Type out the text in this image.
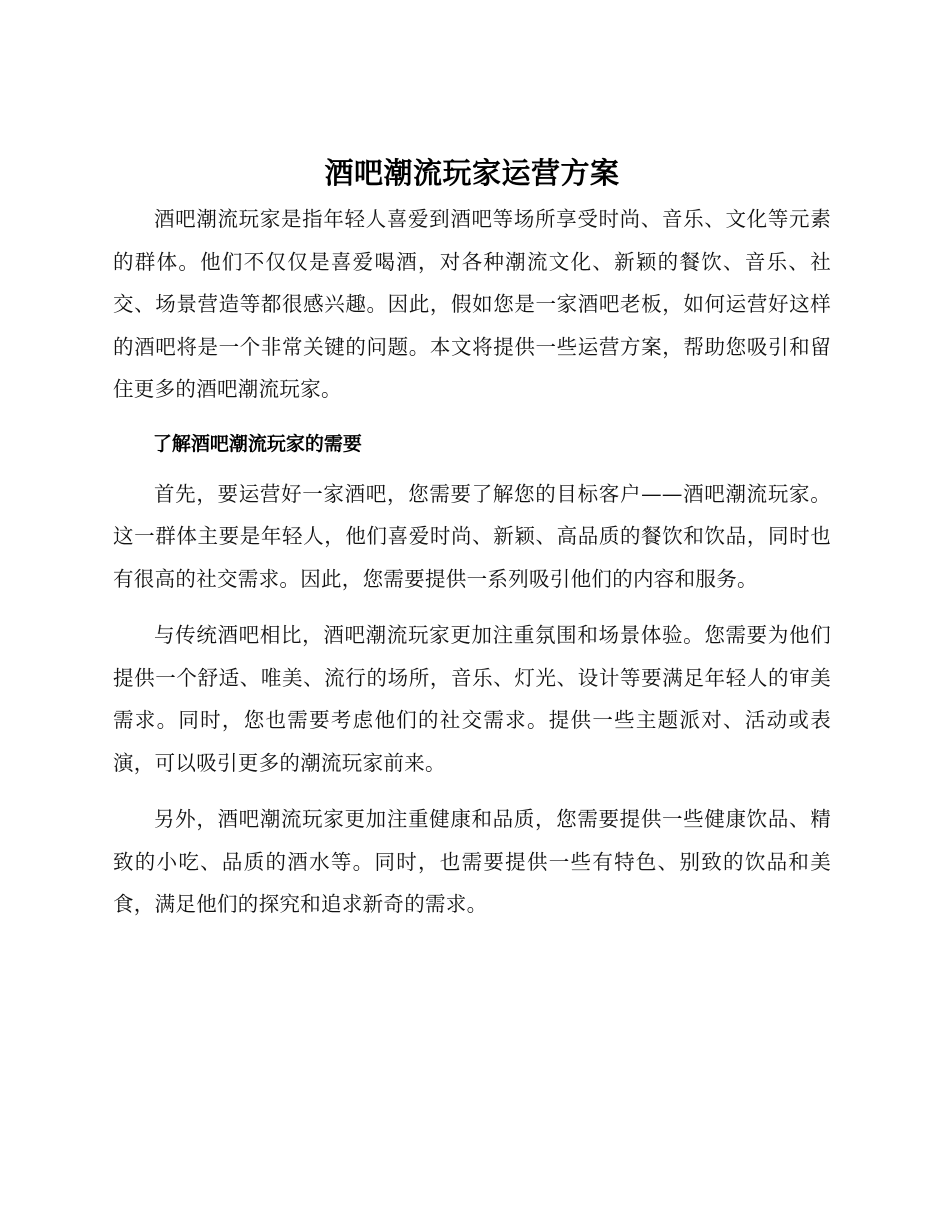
酒吧潮流玩家运营方案

酒吧潮流玩家是指年轻人喜爱到酒吧等场所享受时尚、音乐、文化等元素的群体。他们不仅仅是喜爱喝酒，对各种潮流文化、新颖的餐饮、音乐、社交、场景营造等都很感兴趣。因此，假如您是一家酒吧老板，如何运营好这样的酒吧将是一个非常关键的问题。本文将提供一些运营方案，帮助您吸引和留住更多的酒吧潮流玩家。

了解酒吧潮流玩家的需要

首先，要运营好一家酒吧，您需要了解您的目标客户——酒吧潮流玩家。这一群体主要是年轻人，他们喜爱时尚、新颖、高品质的餐饮和饮品，同时也有很高的社交需求。因此，您需要提供一系列吸引他们的内容和服务。

与传统酒吧相比，酒吧潮流玩家更加注重氛围和场景体验。您需要为他们提供一个舒适、唯美、流行的场所，音乐、灯光、设计等要满足年轻人的审美需求。同时，您也需要考虑他们的社交需求。提供一些主题派对、活动或表演，可以吸引更多的潮流玩家前来。

另外，酒吧潮流玩家更加注重健康和品质，您需要提供一些健康饮品、精致的小吃、品质的酒水等。同时，也需要提供一些有特色、别致的饮品和美食，满足他们的探究和追求新奇的需求。
